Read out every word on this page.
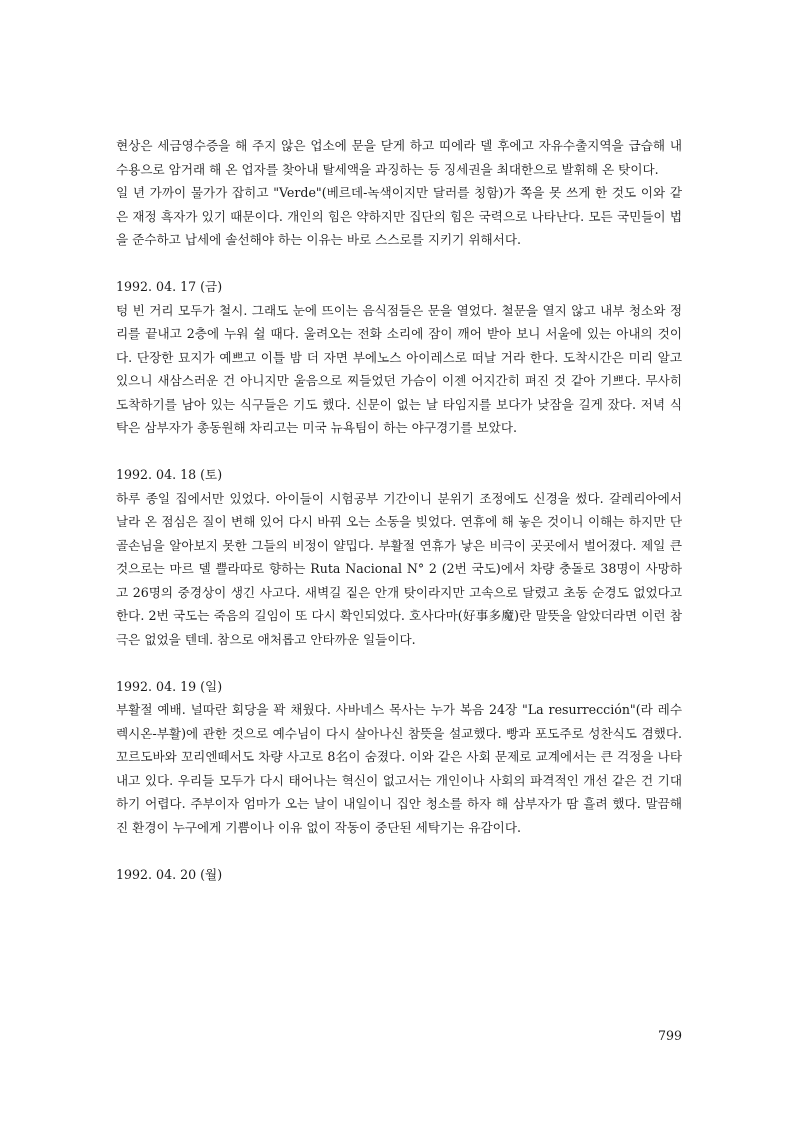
현상은 세금영수증을 해 주지 않은 업소에 문을 닫게 하고 띠에라 델 후에고 자유수출지역을 급습해 내수용으로 암거래 해 온 업자를 찾아내 탈세액을 과징하는 등 징세권을 최대한으로 발휘해 온 탓이다.

일 년 가까이 물가가 잡히고 "Verde"(베르데-녹색이지만 달러를 칭함)가 쪽을 못 쓰게 한 것도 이와 같은 재정 흑자가 있기 때문이다. 개인의 힘은 약하지만 집단의 힘은 국력으로 나타난다. 모든 국민들이 법을 준수하고 납세에 솔선해야 하는 이유는 바로 스스로를 지키기 위해서다.

1992. 04. 17 (금)

텅 빈 거리 모두가 철시. 그래도 눈에 뜨이는 음식점들은 문을 열었다. 철문을 열지 않고 내부 청소와 정리를 끝내고 2층에 누워 쉴 때다. 울려오는 전화 소리에 잠이 깨어 받아 보니 서울에 있는 아내의 것이다. 단장한 묘지가 예쁘고 이틀 밤 더 자면 부에노스 아이레스로 떠날 거라 한다. 도착시간은 미리 알고 있으니 새삼스러운 건 아니지만 울음으로 찌들었던 가슴이 이젠 어지간히 펴진 것 같아 기쁘다. 무사히 도착하기를 남아 있는 식구들은 기도 했다. 신문이 없는 날 타임지를 보다가 낮잠을 길게 잤다. 저녁 식탁은 삼부자가 총동원해 차리고는 미국 뉴욕팀이 하는 야구경기를 보았다.

1992. 04. 18 (토)

하루 종일 집에서만 있었다. 아이들이 시험공부 기간이니 분위기 조정에도 신경을 썼다. 갈레리아에서 날라 온 점심은 질이 변해 있어 다시 바꿔 오는 소동을 빚었다. 연휴에 해 놓은 것이니 이해는 하지만 단골손님을 알아보지 못한 그들의 비정이 얄밉다. 부활절 연휴가 낳은 비극이 곳곳에서 벌어졌다. 제일 큰 것으로는 마르 델 쁠라따로 향하는 Ruta Nacional N° 2 (2번 국도)에서 차량 충돌로 38명이 사망하고 26명의 중경상이 생긴 사고다. 새벽길 짙은 안개 탓이라지만 고속으로 달렸고 초동 순경도 없었다고 한다. 2번 국도는 죽음의 길임이 또 다시 확인되었다. 호사다마(好事多魔)란 말뜻을 알았더라면 이런 참극은 없었을 텐데. 참으로 애처롭고 안타까운 일들이다.

1992. 04. 19 (일)

부활절 예배. 널따란 회당을 꽉 채웠다. 사바네스 목사는 누가 복음 24장 "La resurrección"(라 레수렉시온-부활)에 관한 것으로 예수님이 다시 살아나신 참뜻을 설교했다. 빵과 포도주로 성찬식도 겸했다. 꼬르도바와 꼬리엔떼서도 차량 사고로 8名이 숨졌다. 이와 같은 사회 문제로 교계에서는 큰 걱정을 나타내고 있다. 우리들 모두가 다시 태어나는 혁신이 없고서는 개인이나 사회의 파격적인 개선 같은 건 기대하기 어렵다. 주부이자 엄마가 오는 날이 내일이니 집안 청소를 하자 해 삼부자가 땀 흘려 했다. 말끔해진 환경이 누구에게 기쁨이나 이유 없이 작동이 중단된 세탁기는 유감이다.

1992. 04. 20 (월)

799
